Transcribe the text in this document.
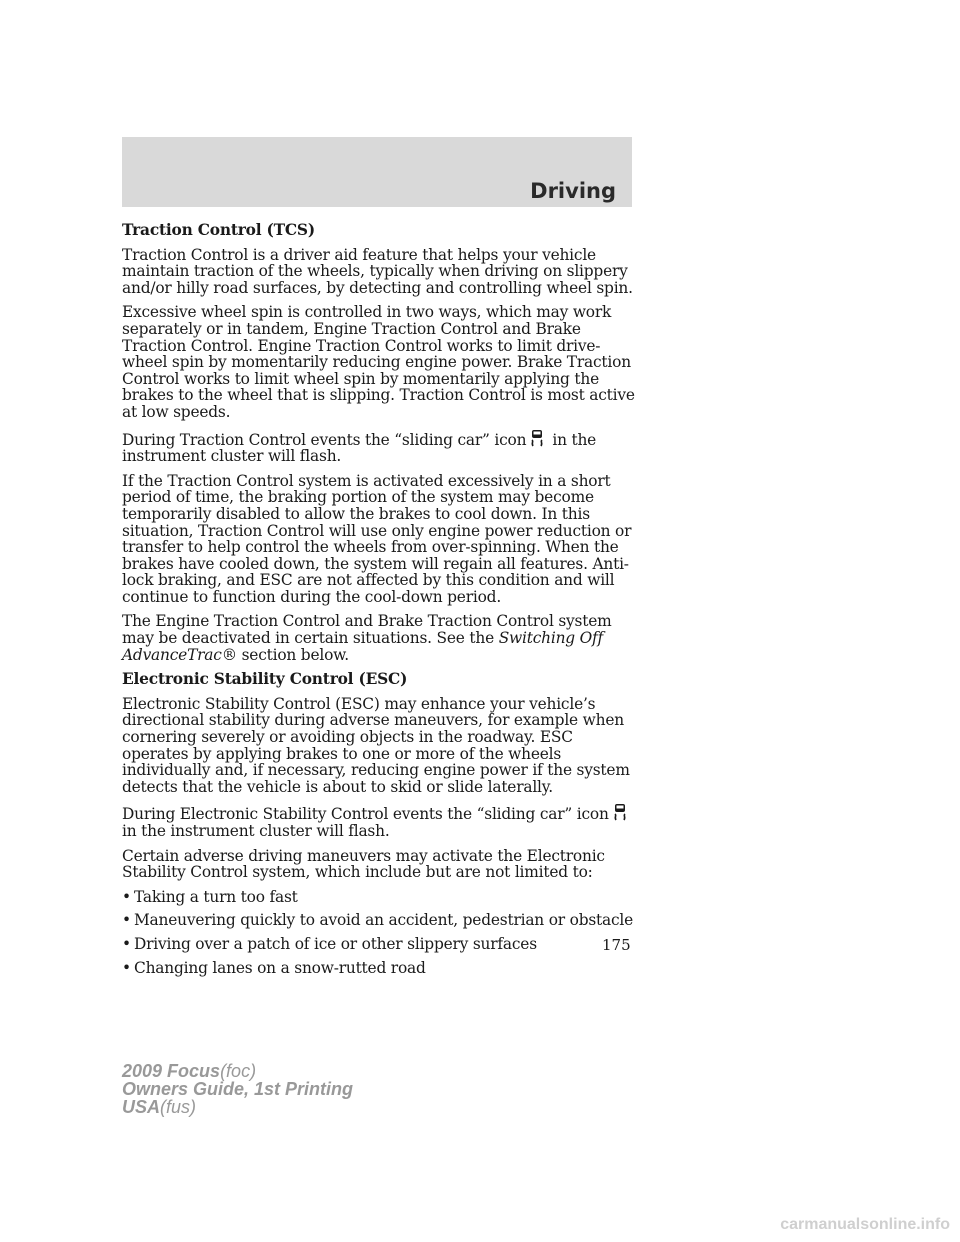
Driving
Traction Control (TCS)

Traction Control is a driver aid feature that helps your vehicle maintain traction of the wheels, typically when driving on slippery and/or hilly road surfaces, by detecting and controlling wheel spin.

Excessive wheel spin is controlled in two ways, which may work separately or in tandem, Engine Traction Control and Brake Traction Control. Engine Traction Control works to limit drive-wheel spin by momentarily reducing engine power. Brake Traction Control works to limit wheel spin by momentarily applying the brakes to the wheel that is slipping. Traction Control is most active at low speeds.

During Traction Control events the “sliding car” icon in the instrument cluster will flash.

If the Traction Control system is activated excessively in a short period of time, the braking portion of the system may become temporarily disabled to allow the brakes to cool down. In this situation, Traction Control will use only engine power reduction or transfer to help control the wheels from over-spinning. When the brakes have cooled down, the system will regain all features. Anti-lock braking, and ESC are not affected by this condition and will continue to function during the cool-down period.

The Engine Traction Control and Brake Traction Control system may be deactivated in certain situations. See the Switching Off AdvanceTrac® section below.

Electronic Stability Control (ESC)

Electronic Stability Control (ESC) may enhance your vehicle’s directional stability during adverse maneuvers, for example when cornering severely or avoiding objects in the roadway. ESC operates by applying brakes to one or more of the wheels individually and, if necessary, reducing engine power if the system detects that the vehicle is about to skid or slide laterally.

During Electronic Stability Control events the “sliding car” iconin the instrument cluster will flash.

Certain adverse driving maneuvers may activate the Electronic Stability Control system, which include but are not limited to:

• Taking a turn too fast
• Maneuvering quickly to avoid an accident, pedestrian or obstacle
• Driving over a patch of ice or other slippery surfaces
• Changing lanes on a snow-rutted road
175
2009 Focus(foc)
Owners Guide, 1st Printing
USA(fus)
carmanualsonline.info
